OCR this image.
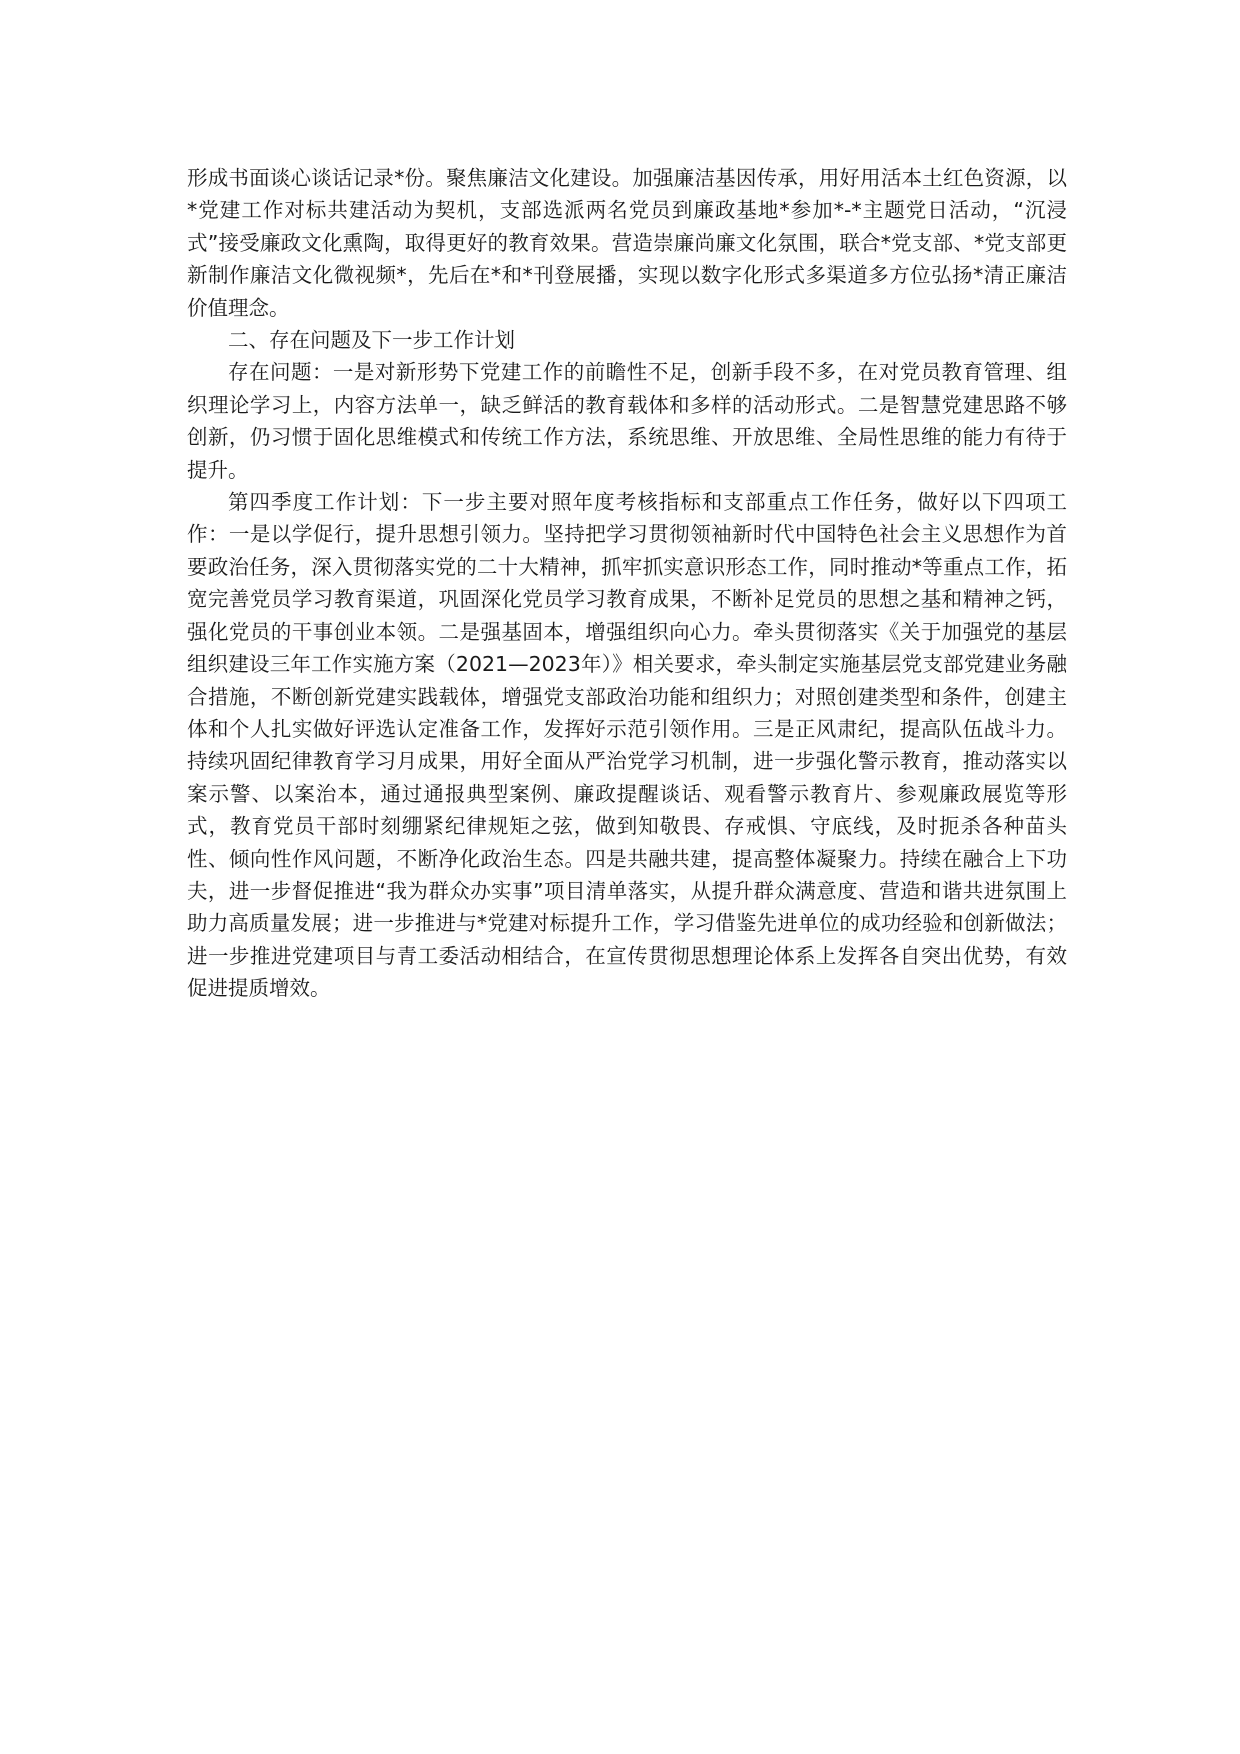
形成书面谈心谈话记录*份。聚焦廉洁文化建设。加强廉洁基因传承，用好用活本土红色资源，以*党建工作对标共建活动为契机，支部选派两名党员到廉政基地*参加*-*主题党日活动，“沉浸式”接受廉政文化熏陶，取得更好的教育效果。营造崇廉尚廉文化氛围，联合*党支部、*党支部更新制作廉洁文化微视频*，先后在*和*刊登展播，实现以数字化形式多渠道多方位弘扬*清正廉洁价值理念。

二、存在问题及下一步工作计划

存在问题：一是对新形势下党建工作的前瞻性不足，创新手段不多，在对党员教育管理、组织理论学习上，内容方法单一，缺乏鲜活的教育载体和多样的活动形式。二是智慧党建思路不够创新，仍习惯于固化思维模式和传统工作方法，系统思维、开放思维、全局性思维的能力有待于提升。

第四季度工作计划：下一步主要对照年度考核指标和支部重点工作任务，做好以下四项工作：一是以学促行，提升思想引领力。坚持把学习贯彻领袖新时代中国特色社会主义思想作为首要政治任务，深入贯彻落实党的二十大精神，抓牢抓实意识形态工作，同时推动*等重点工作，拓宽完善党员学习教育渠道，巩固深化党员学习教育成果，不断补足党员的思想之基和精神之钙，强化党员的干事创业本领。二是强基固本，增强组织向心力。牵头贯彻落实《关于加强党的基层组织建设三年工作实施方案（2021—2023年）》相关要求，牵头制定实施基层党支部党建业务融合措施，不断创新党建实践载体，增强党支部政治功能和组织力；对照创建类型和条件，创建主体和个人扎实做好评选认定准备工作，发挥好示范引领作用。三是正风肃纪，提高队伍战斗力。持续巩固纪律教育学习月成果，用好全面从严治党学习机制，进一步强化警示教育，推动落实以案示警、以案治本，通过通报典型案例、廉政提醒谈话、观看警示教育片、参观廉政展览等形式，教育党员干部时刻绷紧纪律规矩之弦，做到知敬畏、存戒惧、守底线，及时扼杀各种苗头性、倾向性作风问题，不断净化政治生态。四是共融共建，提高整体凝聚力。持续在融合上下功夫，进一步督促推进“我为群众办实事”项目清单落实，从提升群众满意度、营造和谐共进氛围上助力高质量发展；进一步推进与*党建对标提升工作，学习借鉴先进单位的成功经验和创新做法；进一步推进党建项目与青工委活动相结合，在宣传贯彻思想理论体系上发挥各自突出优势，有效促进提质增效。
